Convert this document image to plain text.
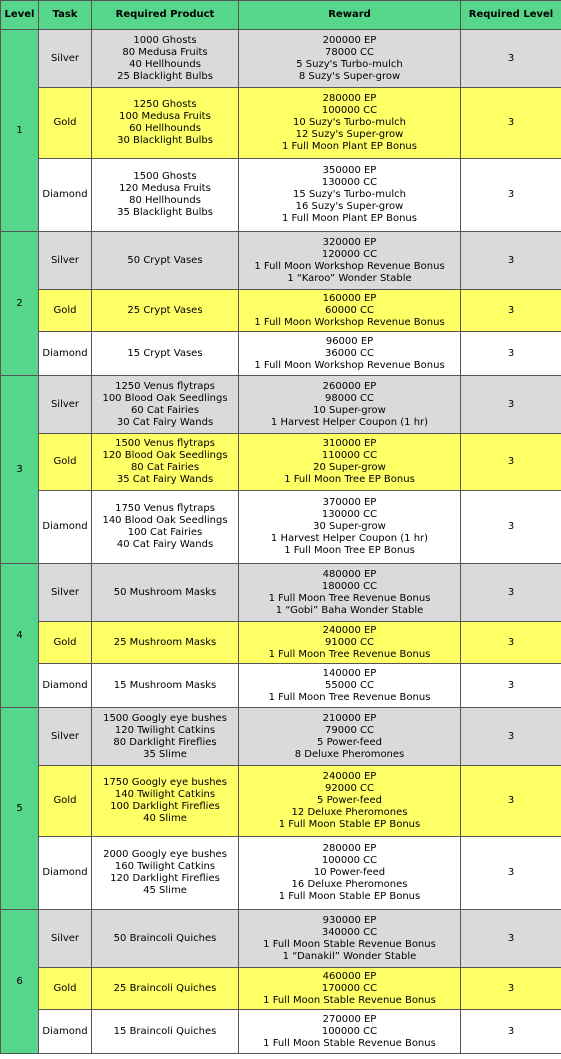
Level	Task	Required Product	Reward	Required Level
1	Silver	1000 Ghosts
80 Medusa Fruits
40 Hellhounds
25 Blacklight Bulbs	200000 EP
78000 CC
5 Suzy's Turbo-mulch
8 Suzy's Super-grow	3
	Gold	1250 Ghosts
100 Medusa Fruits
60 Hellhounds
30 Blacklight Bulbs	280000 EP
100000 CC
10 Suzy's Turbo-mulch
12 Suzy's Super-grow
1 Full Moon Plant EP Bonus	3
	Diamond	1500 Ghosts
120 Medusa Fruits
80 Hellhounds
35 Blacklight Bulbs	350000 EP
130000 CC
15 Suzy's Turbo-mulch
16 Suzy's Super-grow
1 Full Moon Plant EP Bonus	3
2	Silver	50 Crypt Vases	320000 EP
120000 CC
1 Full Moon Workshop Revenue Bonus
1 “Karoo” Wonder Stable	3
	Gold	25 Crypt Vases	160000 EP
60000 CC
1 Full Moon Workshop Revenue Bonus	3
	Diamond	15 Crypt Vases	96000 EP
36000 CC
1 Full Moon Workshop Revenue Bonus	3
3	Silver	1250 Venus flytraps
100 Blood Oak Seedlings
60 Cat Fairies
30 Cat Fairy Wands	260000 EP
98000 CC
10 Super-grow
1 Harvest Helper Coupon (1 hr)	3
	Gold	1500 Venus flytraps
120 Blood Oak Seedlings
80 Cat Fairies
35 Cat Fairy Wands	310000 EP
110000 CC
20 Super-grow
1 Full Moon Tree EP Bonus	3
	Diamond	1750 Venus flytraps
140 Blood Oak Seedlings
100 Cat Fairies
40 Cat Fairy Wands	370000 EP
130000 CC
30 Super-grow
1 Harvest Helper Coupon (1 hr)
1 Full Moon Tree EP Bonus	3
4	Silver	50 Mushroom Masks	480000 EP
180000 CC
1 Full Moon Tree Revenue Bonus
1 “Gobi” Baha Wonder Stable	3
	Gold	25 Mushroom Masks	240000 EP
91000 CC
1 Full Moon Tree Revenue Bonus	3
	Diamond	15 Mushroom Masks	140000 EP
55000 CC
1 Full Moon Tree Revenue Bonus	3
5	Silver	1500 Googly eye bushes
120 Twilight Catkins
80 Darklight Fireflies
35 Slime	210000 EP
79000 CC
5 Power-feed
8 Deluxe Pheromones	3
	Gold	1750 Googly eye bushes
140 Twilight Catkins
100 Darklight Fireflies
40 Slime	240000 EP
92000 CC
5 Power-feed
12 Deluxe Pheromones
1 Full Moon Stable EP Bonus	3
	Diamond	2000 Googly eye bushes
160 Twilight Catkins
120 Darklight Fireflies
45 Slime	280000 EP
100000 CC
10 Power-feed
16 Deluxe Pheromones
1 Full Moon Stable EP Bonus	3
6	Silver	50 Braincoli Quiches	930000 EP
340000 CC
1 Full Moon Stable Revenue Bonus
1 “Danakil” Wonder Stable	3
	Gold	25 Braincoli Quiches	460000 EP
170000 CC
1 Full Moon Stable Revenue Bonus	3
	Diamond	15 Braincoli Quiches	270000 EP
100000 CC
1 Full Moon Stable Revenue Bonus	3
